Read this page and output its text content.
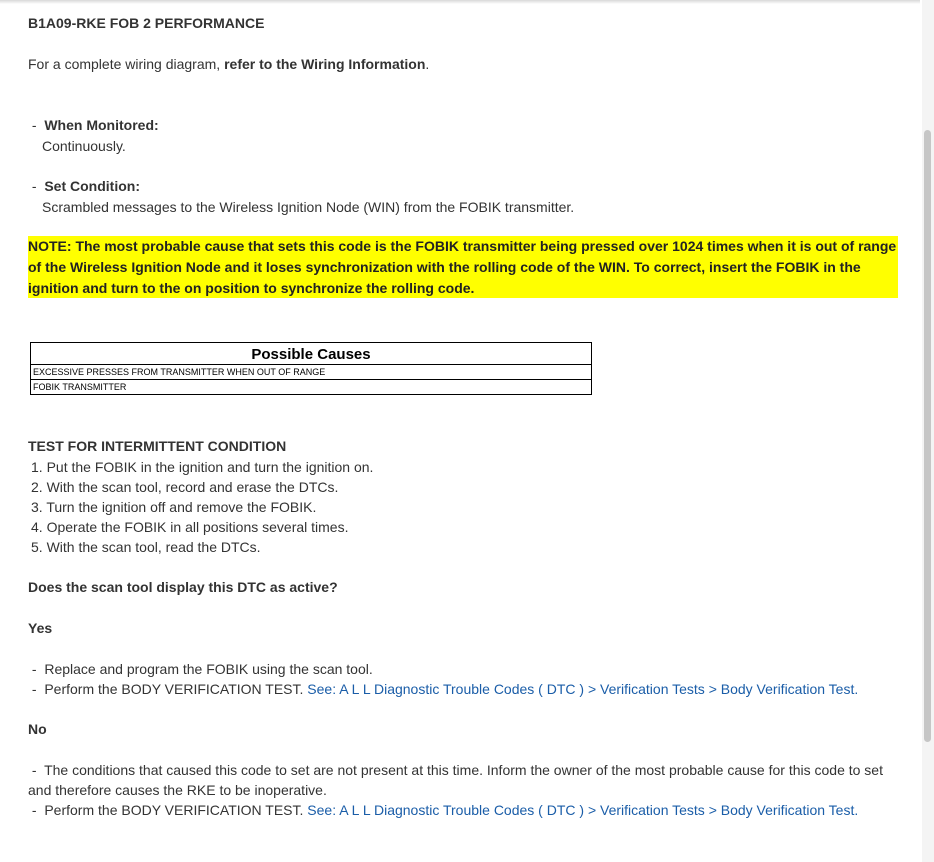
B1A09-RKE FOB 2 PERFORMANCE
For a complete wiring diagram, refer to the Wiring Information.
-  When Monitored:
Continuously.
-  Set Condition:
Scrambled messages to the Wireless Ignition Node (WIN) from the FOBIK transmitter.
NOTE: The most probable cause that sets this code is the FOBIK transmitter being pressed over 1024 times when it is out of range of the Wireless Ignition Node and it loses synchronization with the rolling code of the WIN. To correct, insert the FOBIK in the ignition and turn to the on position to synchronize the rolling code.
Possible Causes
EXCESSIVE PRESSES FROM TRANSMITTER WHEN OUT OF RANGE
FOBIK TRANSMITTER
TEST FOR INTERMITTENT CONDITION
1. Put the FOBIK in the ignition and turn the ignition on.
2. With the scan tool, record and erase the DTCs.
3. Turn the ignition off and remove the FOBIK.
4. Operate the FOBIK in all positions several times.
5. With the scan tool, read the DTCs.
Does the scan tool display this DTC as active?
Yes
-  Replace and program the FOBIK using the scan tool.
-  Perform the BODY VERIFICATION TEST. See: A L L Diagnostic Trouble Codes ( DTC ) > Verification Tests > Body Verification Test.
No
-  The conditions that caused this code to set are not present at this time. Inform the owner of the most probable cause for this code to set and therefore causes the RKE to be inoperative.
-  Perform the BODY VERIFICATION TEST. See: A L L Diagnostic Trouble Codes ( DTC ) > Verification Tests > Body Verification Test.
